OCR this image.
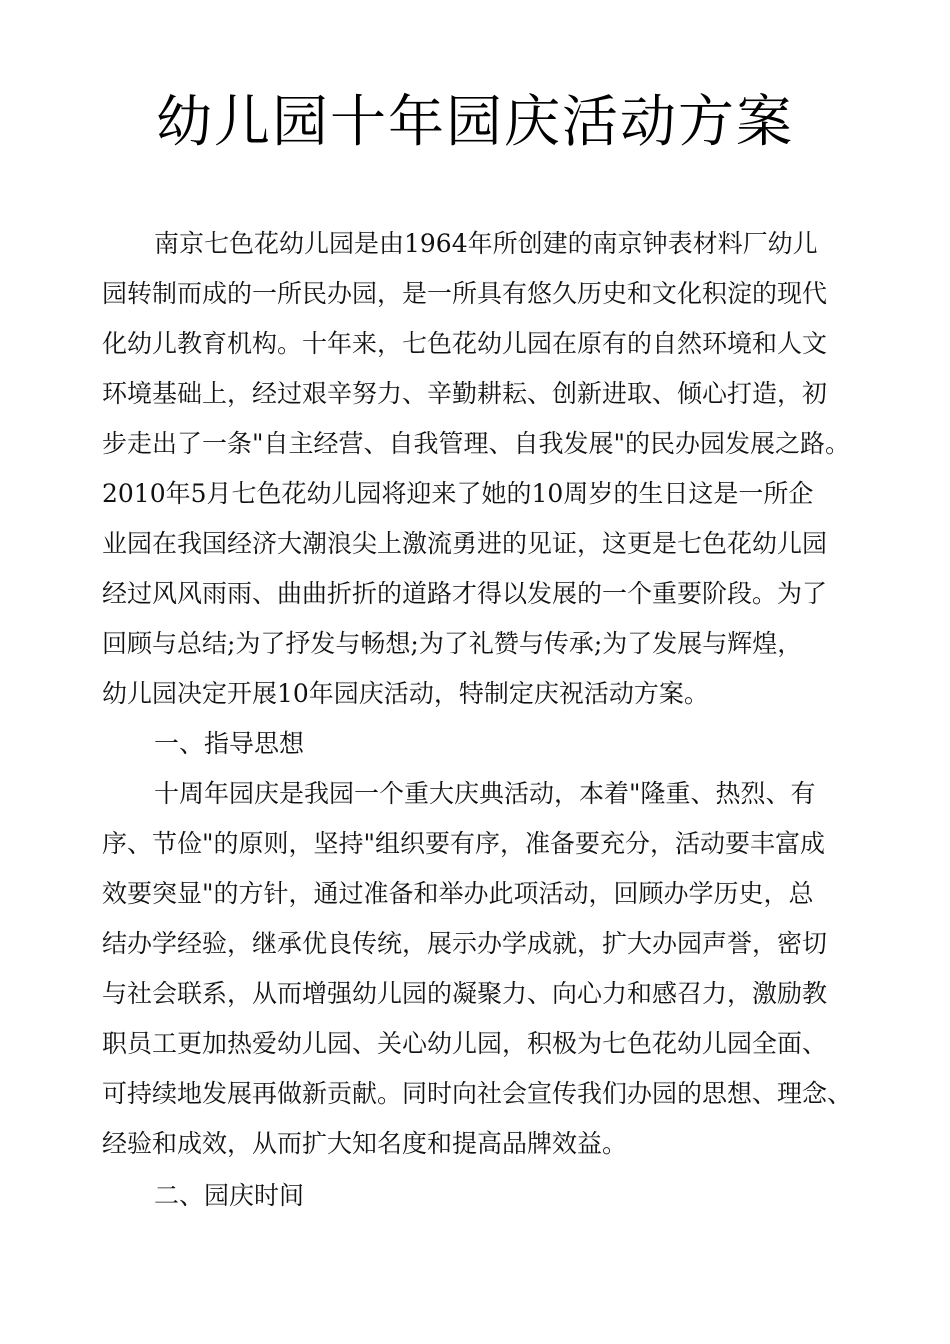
幼儿园十年园庆活动方案
南京七色花幼儿园是由1964年所创建的南京钟表材料厂幼儿
园转制而成的一所民办园，是一所具有悠久历史和文化积淀的现代
化幼儿教育机构。十年来，七色花幼儿园在原有的自然环境和人文
环境基础上，经过艰辛努力、辛勤耕耘、创新进取、倾心打造，初
步走出了一条"自主经营、自我管理、自我发展"的民办园发展之路。
2010年5月七色花幼儿园将迎来了她的10周岁的生日这是一所企
业园在我国经济大潮浪尖上激流勇进的见证，这更是七色花幼儿园
经过风风雨雨、曲曲折折的道路才得以发展的一个重要阶段。为了
回顾与总结;为了抒发与畅想;为了礼赞与传承;为了发展与辉煌，
幼儿园决定开展10年园庆活动，特制定庆祝活动方案。
一、指导思想
十周年园庆是我园一个重大庆典活动，本着"隆重、热烈、有
序、节俭"的原则，坚持"组织要有序，准备要充分，活动要丰富成
效要突显"的方针，通过准备和举办此项活动，回顾办学历史，总
结办学经验，继承优良传统，展示办学成就，扩大办园声誉，密切
与社会联系，从而增强幼儿园的凝聚力、向心力和感召力，激励教
职员工更加热爱幼儿园、关心幼儿园，积极为七色花幼儿园全面、
可持续地发展再做新贡献。同时向社会宣传我们办园的思想、理念、
经验和成效，从而扩大知名度和提高品牌效益。
二、园庆时间
